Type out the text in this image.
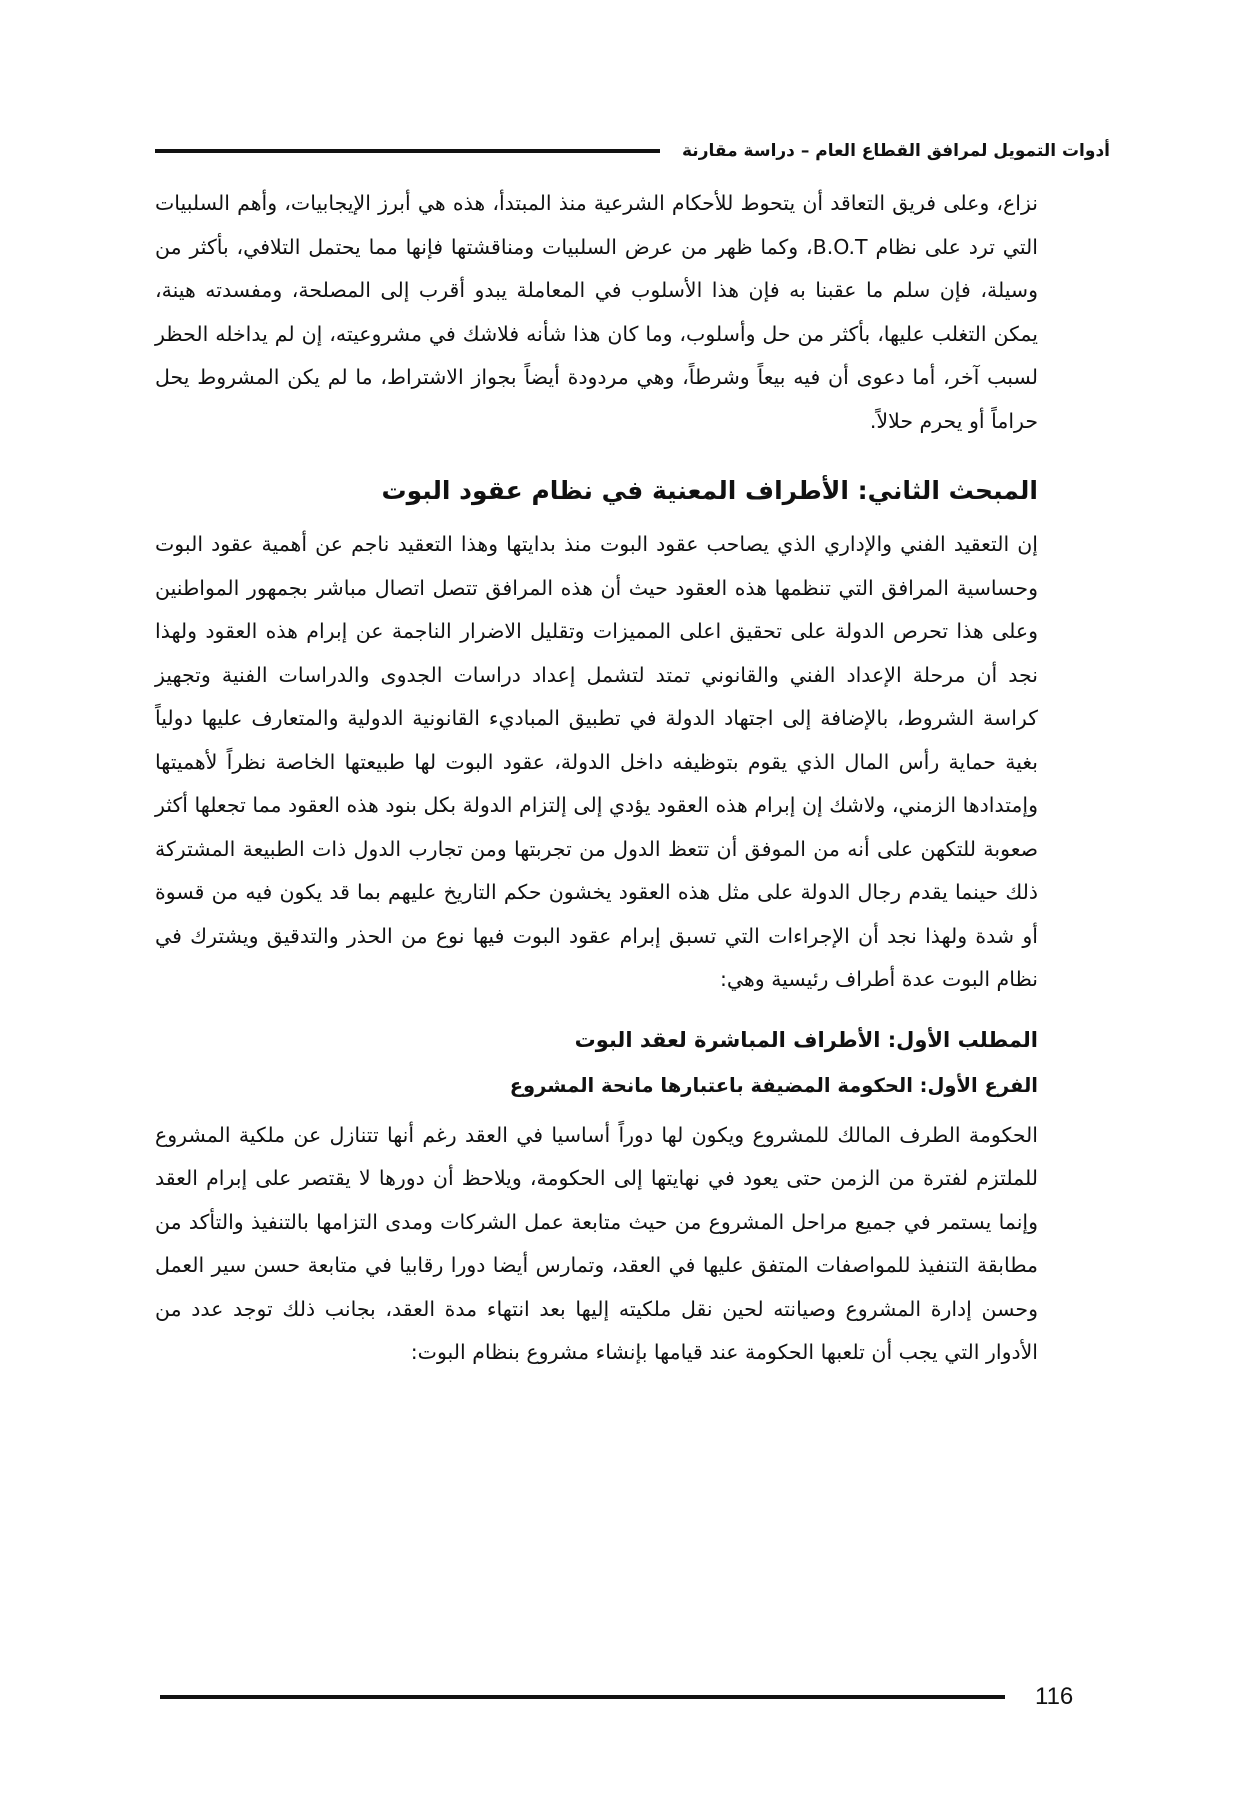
أدوات التمويل لمرافق القطاع العام – دراسة مقارنة

نزاع، وعلى فريق التعاقد أن يتحوط للأحكام الشرعية منذ المبتدأ، هذه هي أبرز الإيجابيات، وأهم السلبيات التي ترد على نظام B.O.T، وكما ظهر من عرض السلبيات ومناقشتها فإنها مما يحتمل التلافي، بأكثر من وسيلة، فإن سلم ما عقبنا به فإن هذا الأسلوب في المعاملة يبدو أقرب إلى المصلحة، ومفسدته هينة، يمكن التغلب عليها، بأكثر من حل وأسلوب، وما كان هذا شأنه فلاشك في مشروعيته، إن لم يداخله الحظر لسبب آخر، أما دعوى أن فيه بيعاً وشرطاً، وهي مردودة أيضاً بجواز الاشتراط، ما لم يكن المشروط يحل حراماً أو يحرم حلالاً.

المبحث الثاني: الأطراف المعنية في نظام عقود البوت

إن التعقيد الفني والإداري الذي يصاحب عقود البوت منذ بدايتها وهذا التعقيد ناجم عن أهمية عقود البوت وحساسية المرافق التي تنظمها هذه العقود حيث أن هذه المرافق تتصل اتصال مباشر بجمهور المواطنين وعلى هذا تحرص الدولة على تحقيق اعلى المميزات وتقليل الاضرار الناجمة عن إبرام هذه العقود ولهذا نجد أن مرحلة الإعداد الفني والقانوني تمتد لتشمل إعداد دراسات الجدوى والدراسات الفنية وتجهيز كراسة الشروط، بالإضافة إلى اجتهاد الدولة في تطبيق المباديء القانونية الدولية والمتعارف عليها دولياً بغية حماية رأس المال الذي يقوم بتوظيفه داخل الدولة، عقود البوت لها طبيعتها الخاصة نظراً لأهميتها وإمتدادها الزمني، ولاشك إن إبرام هذه العقود يؤدي إلى إلتزام الدولة بكل بنود هذه العقود مما تجعلها أكثر صعوبة للتكهن على أنه من الموفق أن تتعظ الدول من تجربتها ومن تجارب الدول ذات الطبيعة المشتركة ذلك حينما يقدم رجال الدولة على مثل هذه العقود يخشون حكم التاريخ عليهم بما قد يكون فيه من قسوة أو شدة ولهذا نجد أن الإجراءات التي تسبق إبرام عقود البوت فيها نوع من الحذر والتدقيق ويشترك في نظام البوت عدة أطراف رئيسية وهي:

المطلب الأول: الأطراف المباشرة لعقد البوت
الفرع الأول: الحكومة المضيفة باعتبارها مانحة المشروع

الحكومة الطرف المالك للمشروع ويكون لها دوراً أساسيا في العقد رغم أنها تتنازل عن ملكية المشروع للملتزم لفترة من الزمن حتى يعود في نهايتها إلى الحكومة، ويلاحظ أن دورها لا يقتصر على إبرام العقد وإنما يستمر في جميع مراحل المشروع من حيث متابعة عمل الشركات ومدى التزامها بالتنفيذ والتأكد من مطابقة التنفيذ للمواصفات المتفق عليها في العقد، وتمارس أيضا دورا رقابيا في متابعة حسن سير العمل وحسن إدارة المشروع وصيانته لحين نقل ملكيته إليها بعد انتهاء مدة العقد، بجانب ذلك توجد عدد من الأدوار التي يجب أن تلعبها الحكومة عند قيامها بإنشاء مشروع بنظام البوت:

116
